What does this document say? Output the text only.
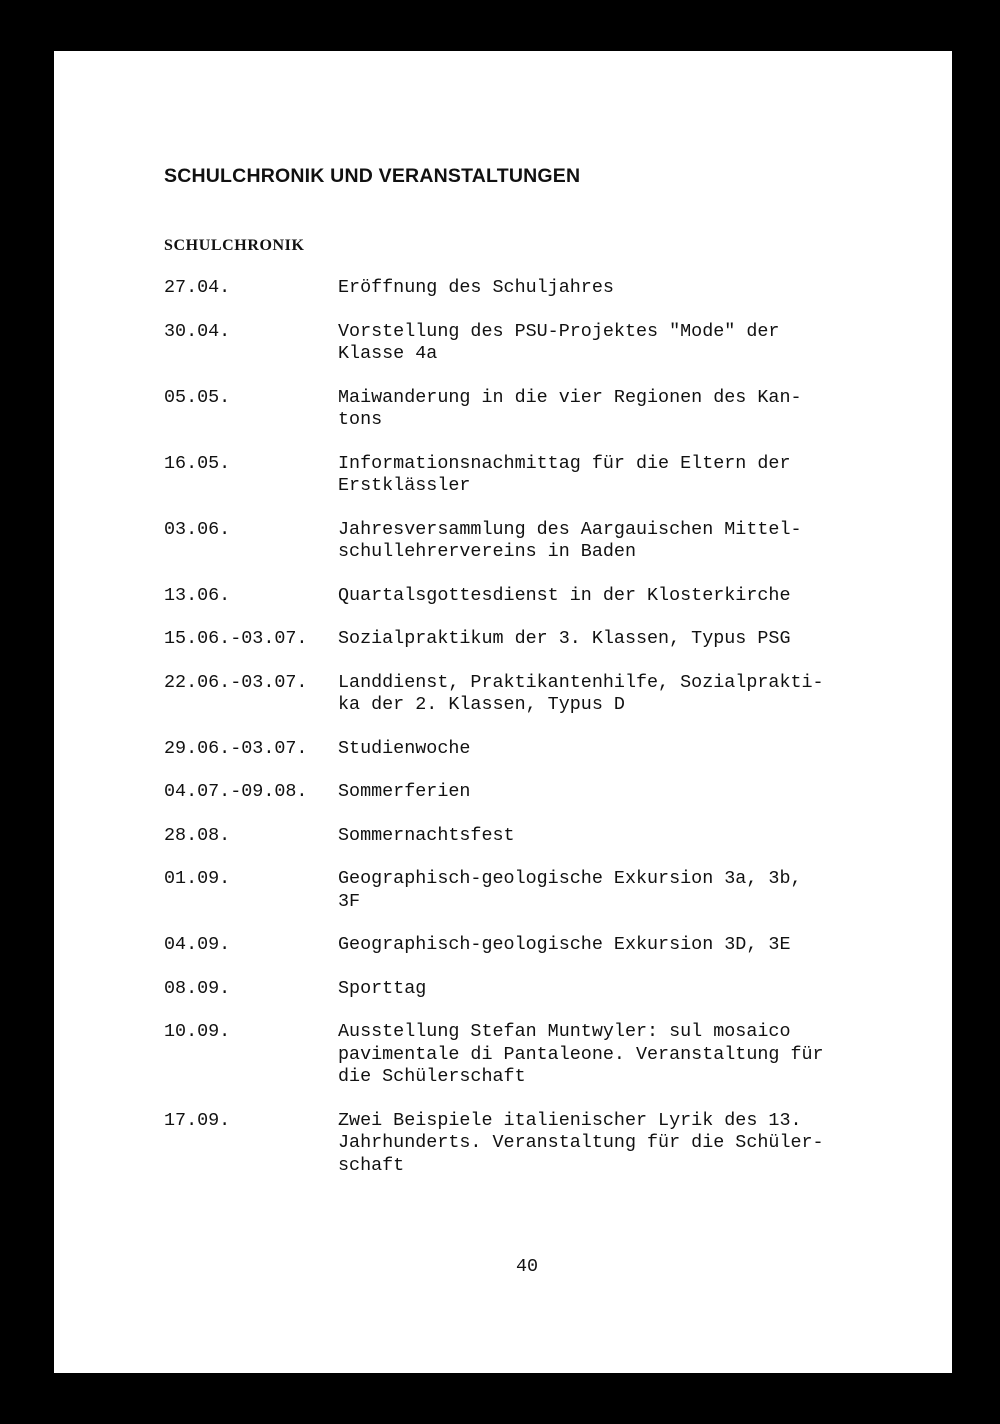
SCHULCHRONIK UND VERANSTALTUNGEN
SCHULCHRONIK
27.04.	Eröffnung des Schuljahres
30.04.	Vorstellung des PSU-Projektes "Mode" der
Klasse 4a
05.05.	Maiwanderung in die vier Regionen des Kan-
tons
16.05.	Informationsnachmittag für die Eltern der
Erstklässler
03.06.	Jahresversammlung des Aargauischen Mittel-
schullehrervereins in Baden
13.06.	Quartalsgottesdienst in der Klosterkirche
15.06.-03.07.	Sozialpraktikum der 3. Klassen, Typus PSG
22.06.-03.07.	Landdienst, Praktikantenhilfe, Sozialprakti-
ka der 2. Klassen, Typus D
29.06.-03.07.	Studienwoche
04.07.-09.08.	Sommerferien
28.08.	Sommernachtsfest
01.09.	Geographisch-geologische Exkursion 3a, 3b,
3F
04.09.	Geographisch-geologische Exkursion 3D, 3E
08.09.	Sporttag
10.09.	Ausstellung Stefan Muntwyler: sul mosaico
pavimentale di Pantaleone. Veranstaltung für
die Schülerschaft
17.09.	Zwei Beispiele italienischer Lyrik des 13.
Jahrhunderts. Veranstaltung für die Schüler-
schaft
40
